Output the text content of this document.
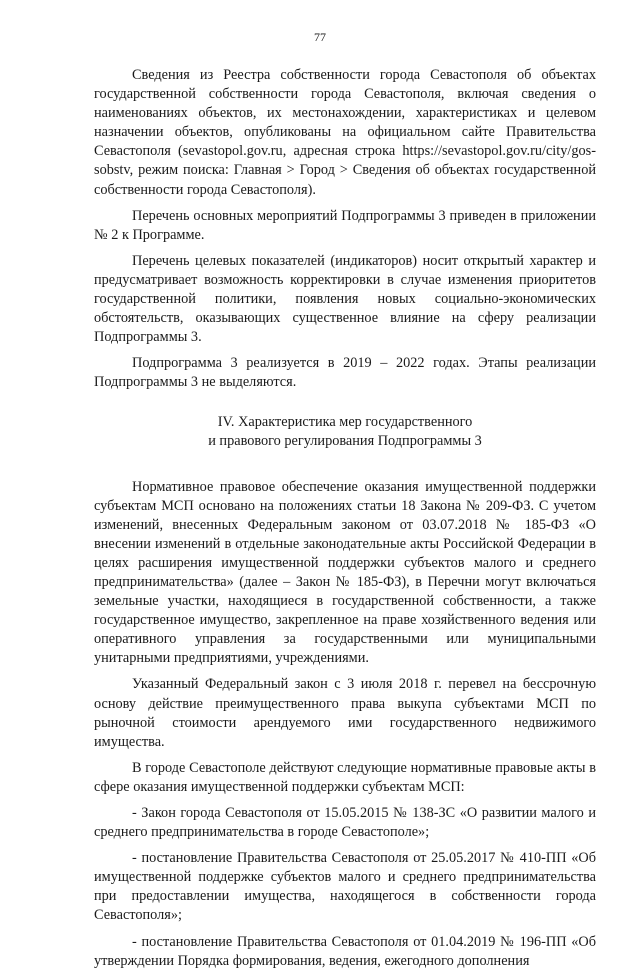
77

Сведения из Реестра собственности города Севастополя об объектах государственной собственности города Севастополя, включая сведения о наименованиях объектов, их местонахождении, характеристиках и целевом назначении объектов, опубликованы на официальном сайте Правительства Севастополя (sevastopol.gov.ru, адресная строка https://sevastopol.gov.ru/city/gos-sobstv, режим поиска: Главная > Город > Сведения об объектах государственной собственности города Севастополя).

Перечень основных мероприятий Подпрограммы 3 приведен в приложении № 2 к Программе.

Перечень целевых показателей (индикаторов) носит открытый характер и предусматривает возможность корректировки в случае изменения приоритетов государственной политики, появления новых социально-экономических обстоятельств, оказывающих существенное влияние на сферу реализации Подпрограммы 3.

Подпрограмма 3 реализуется в 2019 – 2022 годах. Этапы реализации Подпрограммы 3 не выделяются.

IV. Характеристика мер государственного
и правового регулирования Подпрограммы 3

Нормативное правовое обеспечение оказания имущественной поддержки субъектам МСП основано на положениях статьи 18 Закона № 209-ФЗ. С учетом изменений, внесенных Федеральным законом от 03.07.2018 № 185-ФЗ «О внесении изменений в отдельные законодательные акты Российской Федерации в целях расширения имущественной поддержки субъектов малого и среднего предпринимательства» (далее – Закон № 185-ФЗ), в Перечни могут включаться земельные участки, находящиеся в государственной собственности, а также государственное имущество, закрепленное на праве хозяйственного ведения или оперативного управления за государственными или муниципальными унитарными предприятиями, учреждениями.

Указанный Федеральный закон с 3 июля 2018 г. перевел на бессрочную основу действие преимущественного права выкупа субъектами МСП по рыночной стоимости арендуемого ими государственного недвижимого имущества.

В городе Севастополе действуют следующие нормативные правовые акты в сфере оказания имущественной поддержки субъектам МСП:

- Закон города Севастополя от 15.05.2015 № 138-ЗС «О развитии малого и среднего предпринимательства в городе Севастополе»;

- постановление Правительства Севастополя от 25.05.2017 № 410-ПП «Об имущественной поддержке субъектов малого и среднего предпринимательства при предоставлении имущества, находящегося в собственности города Севастополя»;

- постановление Правительства Севастополя от 01.04.2019 № 196-ПП «Об утверждении Порядка формирования, ведения, ежегодного дополнения
